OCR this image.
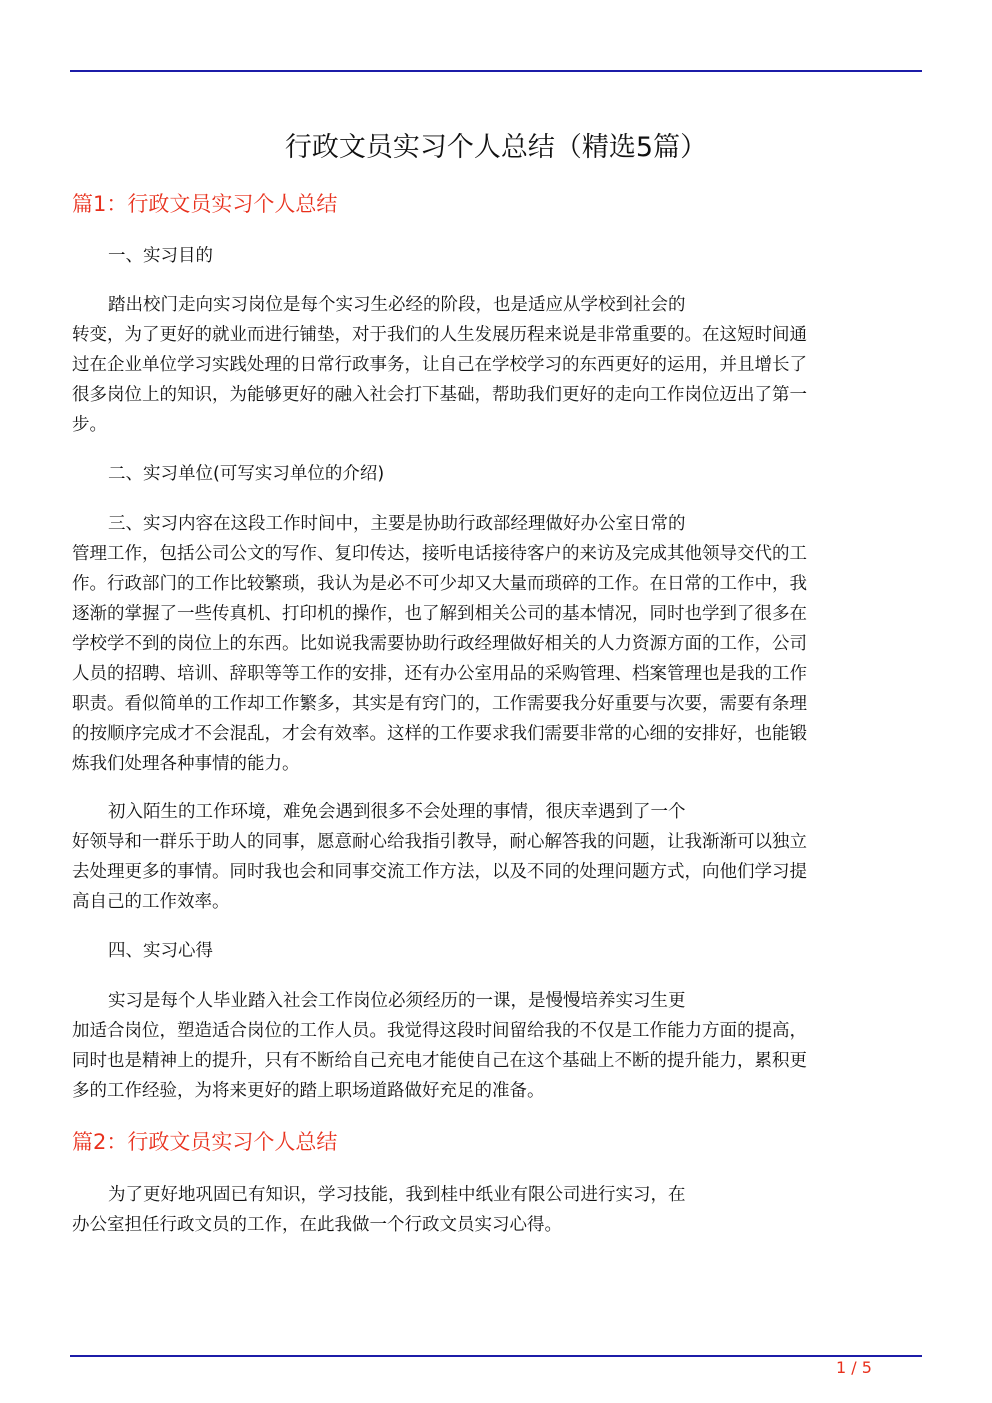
行政文员实习个人总结（精选5篇）
篇1：行政文员实习个人总结
一、实习目的
踏出校门走向实习岗位是每个实习生必经的阶段，也是适应从学校到社会的
转变，为了更好的就业而进行铺垫，对于我们的人生发展历程来说是非常重要的。在这短时间通
过在企业单位学习实践处理的日常行政事务，让自己在学校学习的东西更好的运用，并且增长了
很多岗位上的知识，为能够更好的融入社会打下基础，帮助我们更好的走向工作岗位迈出了第一
步。
二、实习单位(可写实习单位的介绍)
三、实习内容在这段工作时间中，主要是协助行政部经理做好办公室日常的
管理工作，包括公司公文的写作、复印传达，接听电话接待客户的来访及完成其他领导交代的工
作。行政部门的工作比较繁琐，我认为是必不可少却又大量而琐碎的工作。在日常的工作中，我
逐渐的掌握了一些传真机、打印机的操作，也了解到相关公司的基本情况，同时也学到了很多在
学校学不到的岗位上的东西。比如说我需要协助行政经理做好相关的人力资源方面的工作，公司
人员的招聘、培训、辞职等等工作的安排，还有办公室用品的采购管理、档案管理也是我的工作
职责。看似简单的工作却工作繁多，其实是有窍门的，工作需要我分好重要与次要，需要有条理
的按顺序完成才不会混乱，才会有效率。这样的工作要求我们需要非常的心细的安排好，也能锻
炼我们处理各种事情的能力。
初入陌生的工作环境，难免会遇到很多不会处理的事情，很庆幸遇到了一个
好领导和一群乐于助人的同事，愿意耐心给我指引教导，耐心解答我的问题，让我渐渐可以独立
去处理更多的事情。同时我也会和同事交流工作方法，以及不同的处理问题方式，向他们学习提
高自己的工作效率。
四、实习心得
实习是每个人毕业踏入社会工作岗位必须经历的一课，是慢慢培养实习生更
加适合岗位，塑造适合岗位的工作人员。我觉得这段时间留给我的不仅是工作能力方面的提高，
同时也是精神上的提升，只有不断给自己充电才能使自己在这个基础上不断的提升能力，累积更
多的工作经验，为将来更好的踏上职场道路做好充足的准备。
篇2：行政文员实习个人总结
为了更好地巩固已有知识，学习技能，我到桂中纸业有限公司进行实习，在
办公室担任行政文员的工作，在此我做一个行政文员实习心得。
1 / 5
